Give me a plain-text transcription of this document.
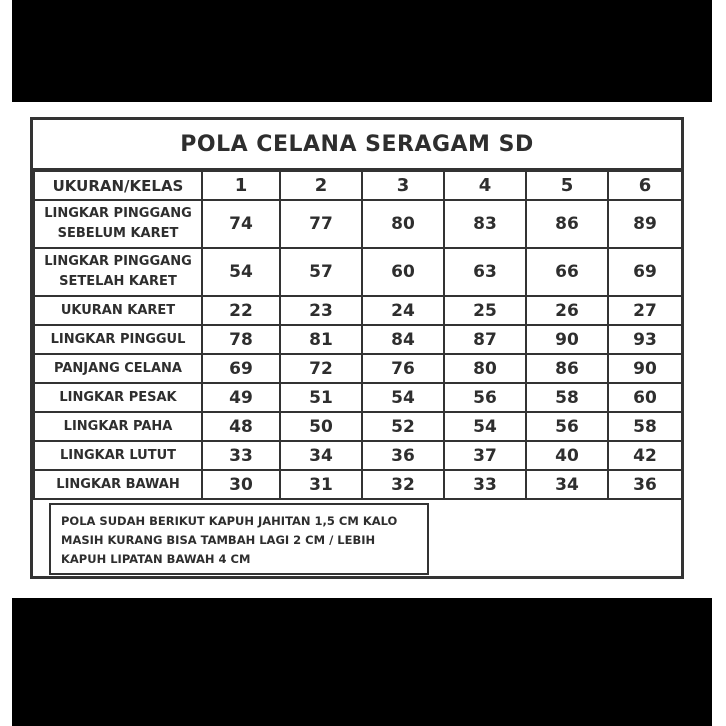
POLA CELANA SERAGAM SD
UKURAN/KELAS	1	2	3	4	5	6

LINGKAR PINGGANG
SEBELUM KARET	74	77	80	83	86	89

LINGKAR PINGGANG
SETELAH KARET	54	57	60	63	66	69

UKURAN KARET	22	23	24	25	26	27

LINGKAR PINGGUL	78	81	84	87	90	93

PANJANG CELANA	69	72	76	80	86	90

LINGKAR PESAK	49	51	54	56	58	60

LINGKAR PAHA	48	50	52	54	56	58

LINGKAR LUTUT	33	34	36	37	40	42

LINGKAR BAWAH	30	31	32	33	34	36
POLA SUDAH BERIKUT KAPUH JAHITAN 1,5 CM KALO
MASIH KURANG BISA TAMBAH LAGI 2 CM / LEBIH
KAPUH LIPATAN BAWAH 4 CM
